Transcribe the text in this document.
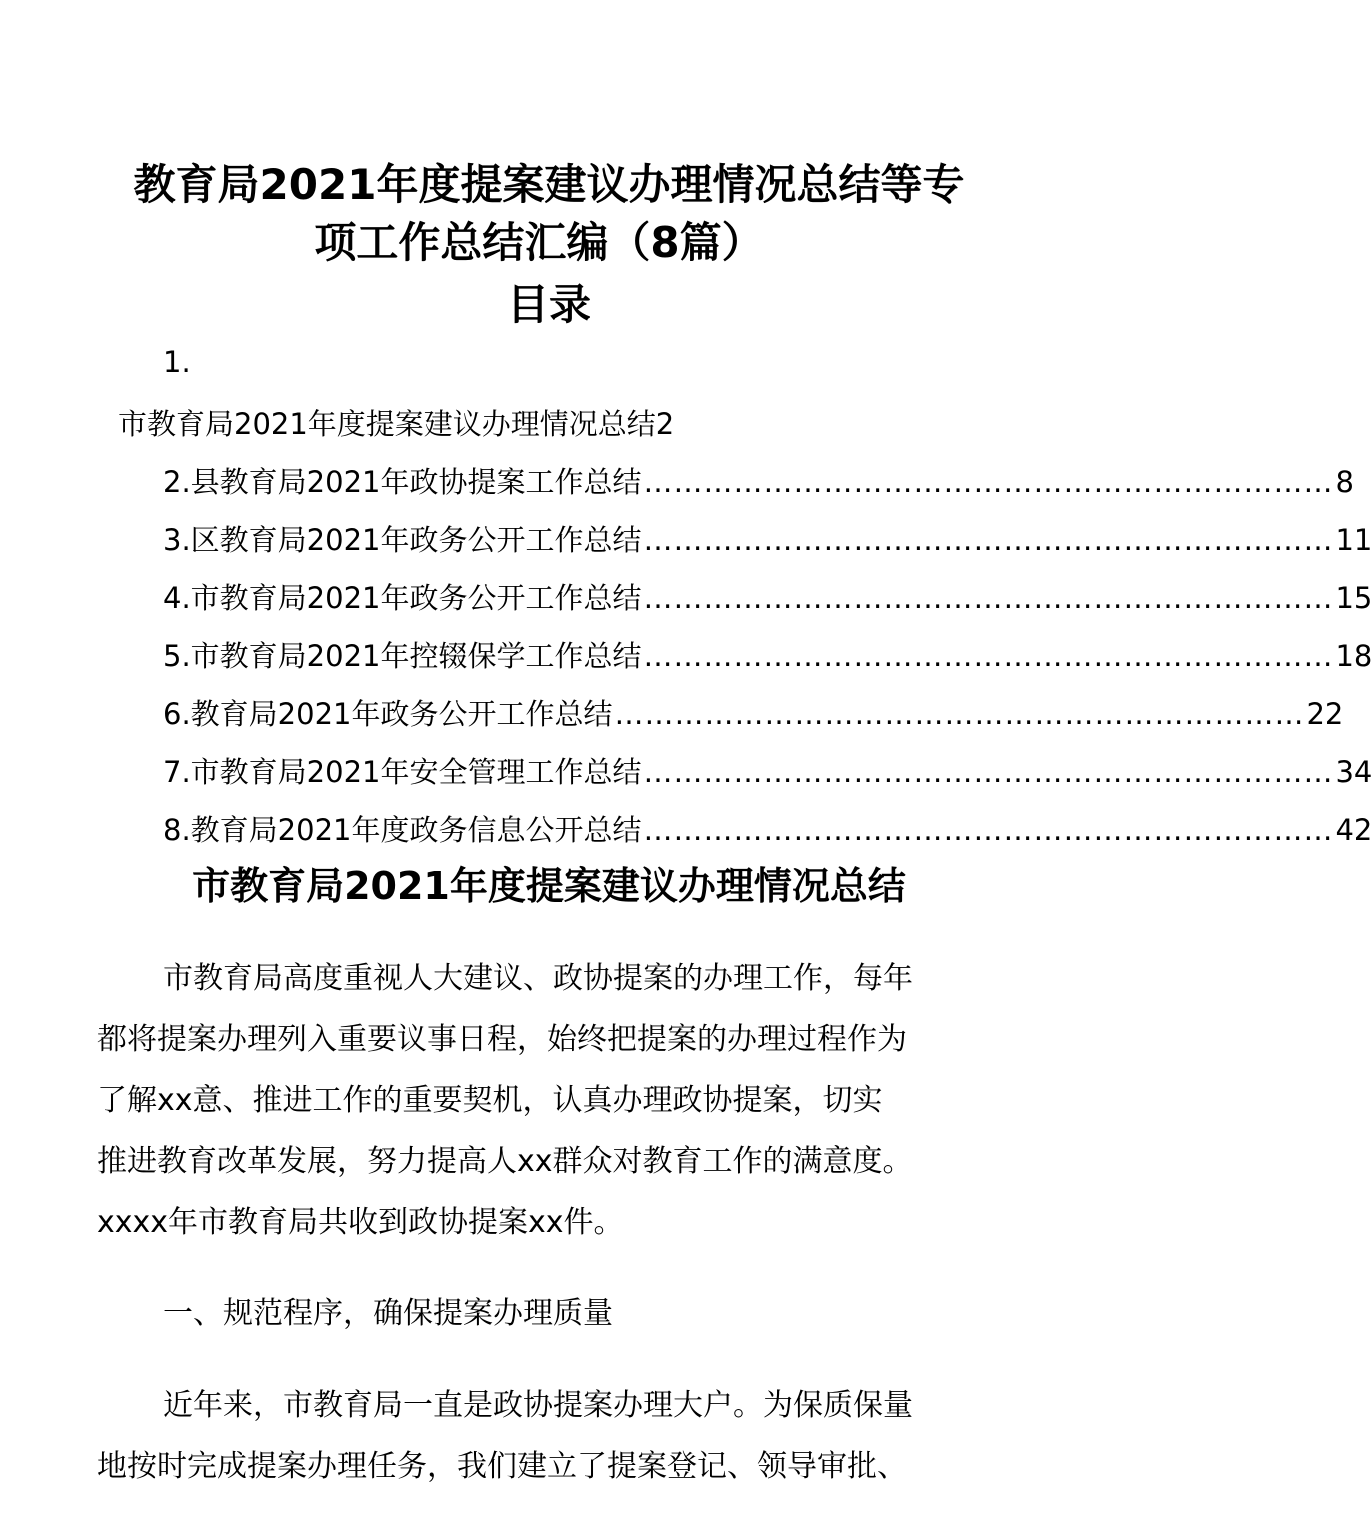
教育局2021年度提案建议办理情况总结等专
项工作总结汇编（8篇）
目录
1.
市教育局2021年度提案建议办理情况总结2
2.县教育局2021年政协提案工作总结 …………………………………………………………… 8
3.区教育局2021年政务公开工作总结 …………………………………………………………… 11
4.市教育局2021年政务公开工作总结 …………………………………………………………… 15
5.市教育局2021年控辍保学工作总结 …………………………………………………………… 18
6.教育局2021年政务公开工作总结 …………………………………………………………… 22
7.市教育局2021年安全管理工作总结 …………………………………………………………… 34
8.教育局2021年度政务信息公开总结 …………………………………………………………… 42
市教育局2021年度提案建议办理情况总结
市教育局高度重视人大建议、政协提案的办理工作，每年
都将提案办理列入重要议事日程，始终把提案的办理过程作为
了解xx意、推进工作的重要契机，认真办理政协提案，切实
推进教育改革发展，努力提高人xx群众对教育工作的满意度。
xxxx年市教育局共收到政协提案xx件。
一、规范程序，确保提案办理质量
近年来，市教育局一直是政协提案办理大户。为保质保量
地按时完成提案办理任务，我们建立了提案登记、领导审批、
